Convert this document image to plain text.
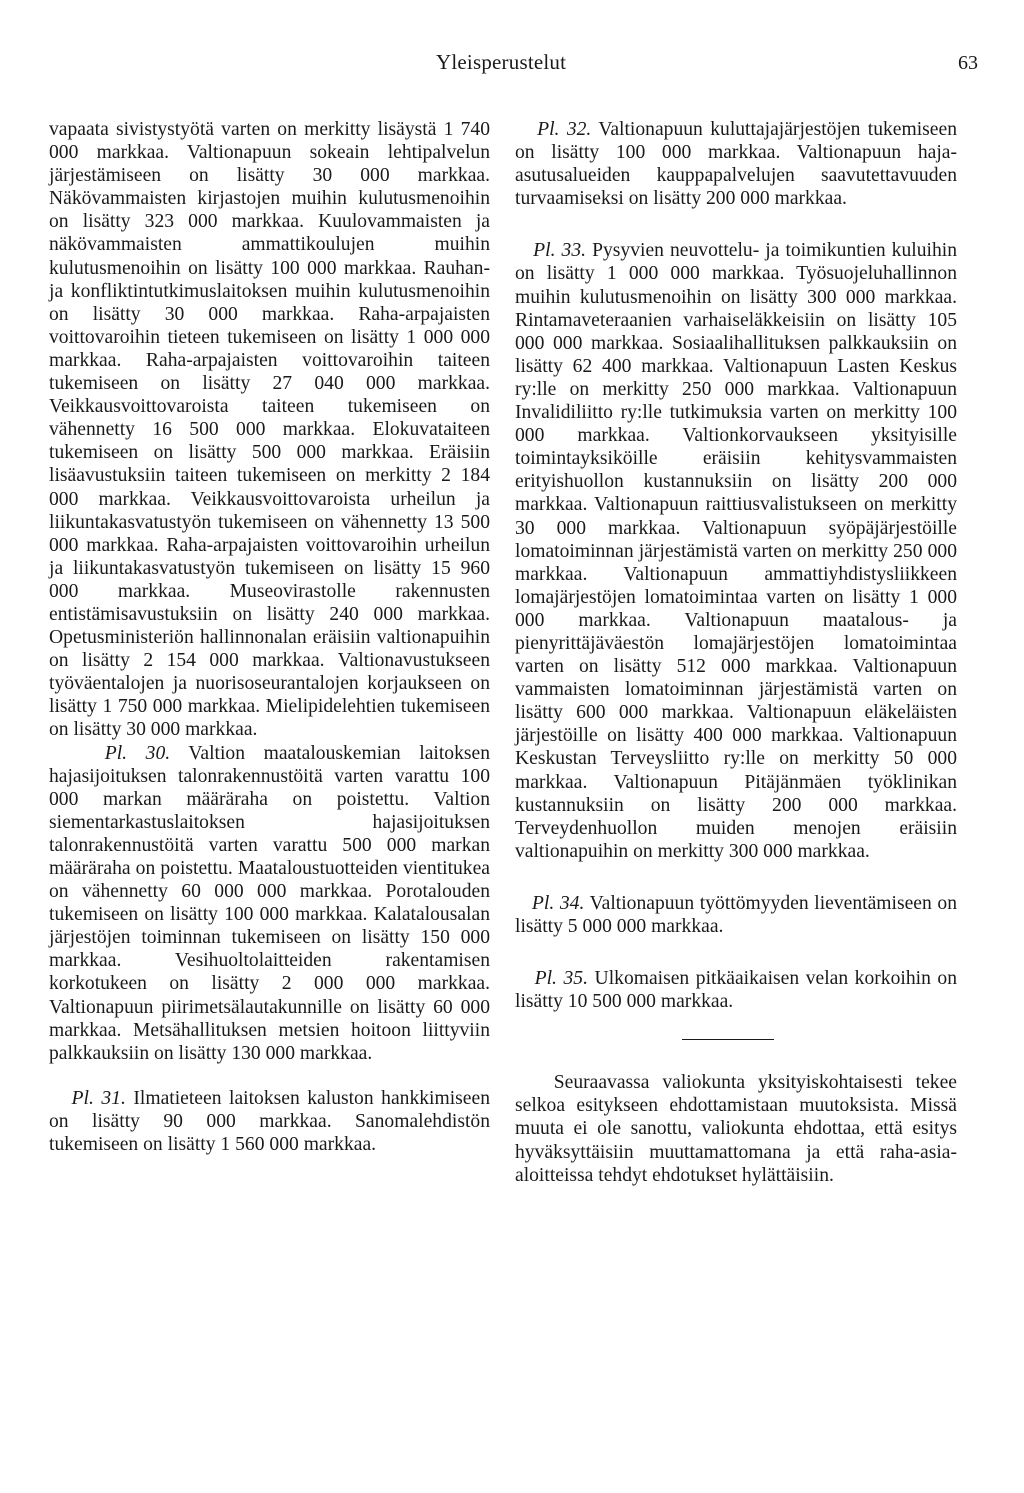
Yleisperustelut	63

vapaata sivistystyötä varten on merkitty lisäystä 1 740 000 markkaa. Valtionapuun sokeain lehtipalvelun järjestämiseen on lisätty 30 000 markkaa. Näkövammaisten kirjastojen muihin kulutusmenoihin on lisätty 323 000 markkaa. Kuulovammaisten ja näkövammaisten ammattikoulujen muihin kulutusmenoihin on lisätty 100 000 markkaa. Rauhan- ja konfliktintutkimuslaitoksen muihin kulutusmenoihin on lisätty 30 000 markkaa. Raha-arpajaisten voittovaroihin tieteen tukemiseen on lisätty 1 000 000 markkaa. Raha-arpajaisten voittovaroihin taiteen tukemiseen on lisätty 27 040 000 markkaa. Veikkausvoittovaroista taiteen tukemiseen on vähennetty 16 500 000 markkaa. Elokuvataiteen tukemiseen on lisätty 500 000 markkaa. Eräisiin lisäavustuksiin taiteen tukemiseen on merkitty 2 184 000 markkaa. Veikkausvoittovaroista urheilun ja liikuntakasvatustyön tukemiseen on vähennetty 13 500 000 markkaa. Raha-arpajaisten voittovaroihin urheilun ja liikuntakasvatustyön tukemiseen on lisätty 15 960 000 markkaa. Museovirastolle rakennusten entistämisavustuksiin on lisätty 240 000 markkaa. Opetusministeriön hallinnonalan eräisiin valtionapuihin on lisätty 2 154 000 markkaa. Valtionavustukseen työväentalojen ja nuorisoseurantalojen korjaukseen on lisätty 1 750 000 markkaa. Mielipidelehtien tukemiseen on lisätty 30 000 markkaa.

Pl. 30. Valtion maatalouskemian laitoksen hajasijoituksen talonrakennustöitä varten varattu 100 000 markan määräraha on poistettu. Valtion siementarkastuslaitoksen hajasijoituksen talonrakennustöitä varten varattu 500 000 markan määräraha on poistettu. Maataloustuotteiden vientitukea on vähennetty 60 000 000 markkaa. Porotalouden tukemiseen on lisätty 100 000 markkaa. Kalatalousalan järjestöjen toiminnan tukemiseen on lisätty 150 000 markkaa. Vesihuoltolaitteiden rakentamisen korkotukeen on lisätty 2 000 000 markkaa. Valtionapuun piirimetsälautakunnille on lisätty 60 000 markkaa. Metsähallituksen metsien hoitoon liittyviin palkkauksiin on lisätty 130 000 markkaa.

Pl. 31. Ilmatieteen laitoksen kaluston hankkimiseen on lisätty 90 000 markkaa. Sanomalehdistön tukemiseen on lisätty 1 560 000 markkaa.

Pl. 32. Valtionapuun kuluttajajärjestöjen tukemiseen on lisätty 100 000 markkaa. Valtionapuun haja-asutusalueiden kauppapalvelujen saavutettavuuden turvaamiseksi on lisätty 200 000 markkaa.

Pl. 33. Pysyvien neuvottelu- ja toimikuntien kuluihin on lisätty 1 000 000 markkaa. Työsuojeluhallinnon muihin kulutusmenoihin on lisätty 300 000 markkaa. Rintamaveteraanien varhaiseläkkeisiin on lisätty 105 000 000 markkaa. Sosiaalihallituksen palkkauksiin on lisätty 62 400 markkaa. Valtionapuun Lasten Keskus ry:lle on merkitty 250 000 markkaa. Valtionapuun Invalidiliitto ry:lle tutkimuksia varten on merkitty 100 000 markkaa. Valtionkorvaukseen yksityisille toimintayksiköille eräisiin kehitysvammaisten erityishuollon kustannuksiin on lisätty 200 000 markkaa. Valtionapuun raittiusvalistukseen on merkitty 30 000 markkaa. Valtionapuun syöpäjärjestöille lomatoiminnan järjestämistä varten on merkitty 250 000 markkaa. Valtionapuun ammattiyhdistysliikkeen lomajärjestöjen lomatoimintaa varten on lisätty 1 000 000 markkaa. Valtionapuun maatalous- ja pienyrittäjäväestön lomajärjestöjen lomatoimintaa varten on lisätty 512 000 markkaa. Valtionapuun vammaisten lomatoiminnan järjestämistä varten on lisätty 600 000 markkaa. Valtionapuun eläkeläisten järjestöille on lisätty 400 000 markkaa. Valtionapuun Keskustan Terveysliitto ry:lle on merkitty 50 000 markkaa. Valtionapuun Pitäjänmäen työklinikan kustannuksiin on lisätty 200 000 markkaa. Terveydenhuollon muiden menojen eräisiin valtionapuihin on merkitty 300 000 markkaa.

Pl. 34. Valtionapuun työttömyyden lieventämiseen on lisätty 5 000 000 markkaa.

Pl. 35. Ulkomaisen pitkäaikaisen velan korkoihin on lisätty 10 500 000 markkaa.

Seuraavassa valiokunta yksityiskohtaisesti tekee selkoa esitykseen ehdottamistaan muutoksista. Missä muuta ei ole sanottu, valiokunta ehdottaa, että esitys hyväksyttäisiin muuttamattomana ja että raha-asia-aloitteissa tehdyt ehdotukset hylättäisiin.
